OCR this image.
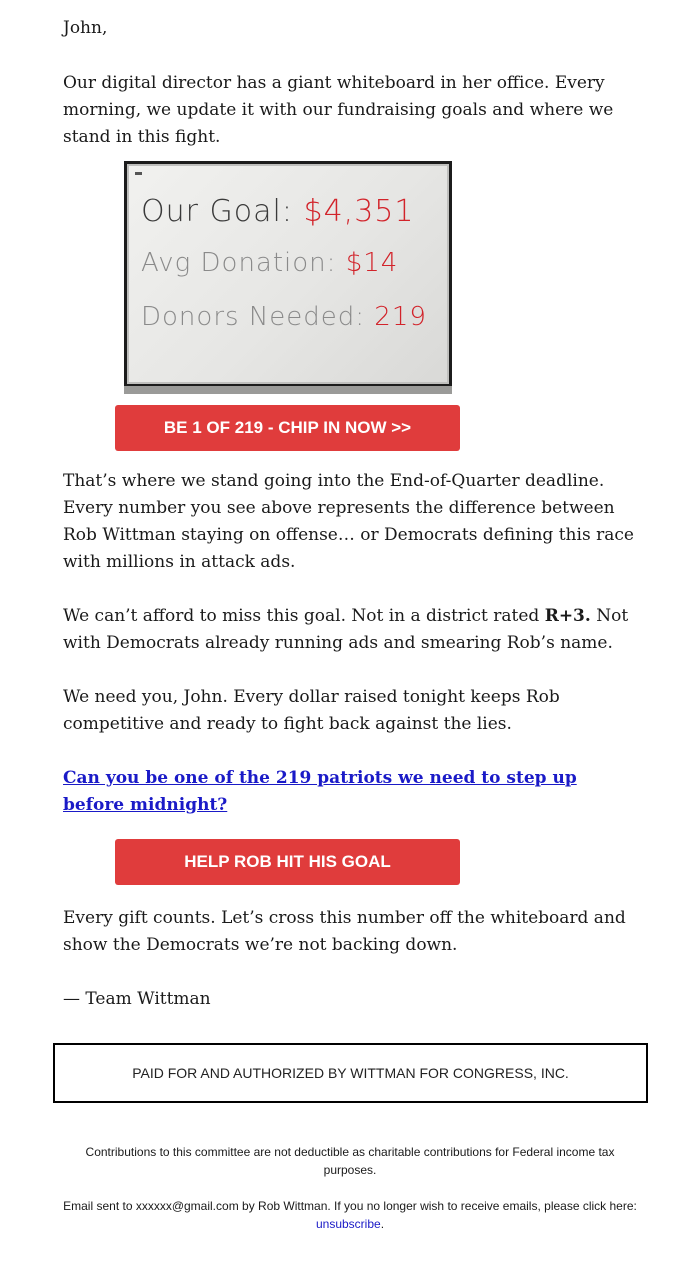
John,

Our digital director has a giant whiteboard in her office. Every morning, we update it with our fundraising goals and where we stand in this fight.

Our Goal: $4,351
Avg Donation: $14
Donors Needed: 219
BE 1 OF 219 - CHIP IN NOW >>

That’s where we stand going into the End-of-Quarter deadline. Every number you see above represents the difference between Rob Wittman staying on offense… or Democrats defining this race with millions in attack ads.

We can’t afford to miss this goal. Not in a district rated R+3. Not with Democrats already running ads and smearing Rob’s name.

We need you, John. Every dollar raised tonight keeps Rob competitive and ready to fight back against the lies.

Can you be one of the 219 patriots we need to step up before midnight?

HELP ROB HIT HIS GOAL

Every gift counts. Let’s cross this number off the whiteboard and show the Democrats we’re not backing down.

— Team Wittman

PAID FOR AND AUTHORIZED BY WITTMAN FOR CONGRESS, INC.
Contributions to this committee are not deductible as charitable contributions for Federal income tax purposes.
Email sent to xxxxxx@gmail.com by Rob Wittman. If you no longer wish to receive emails, please click here: unsubscribe.
